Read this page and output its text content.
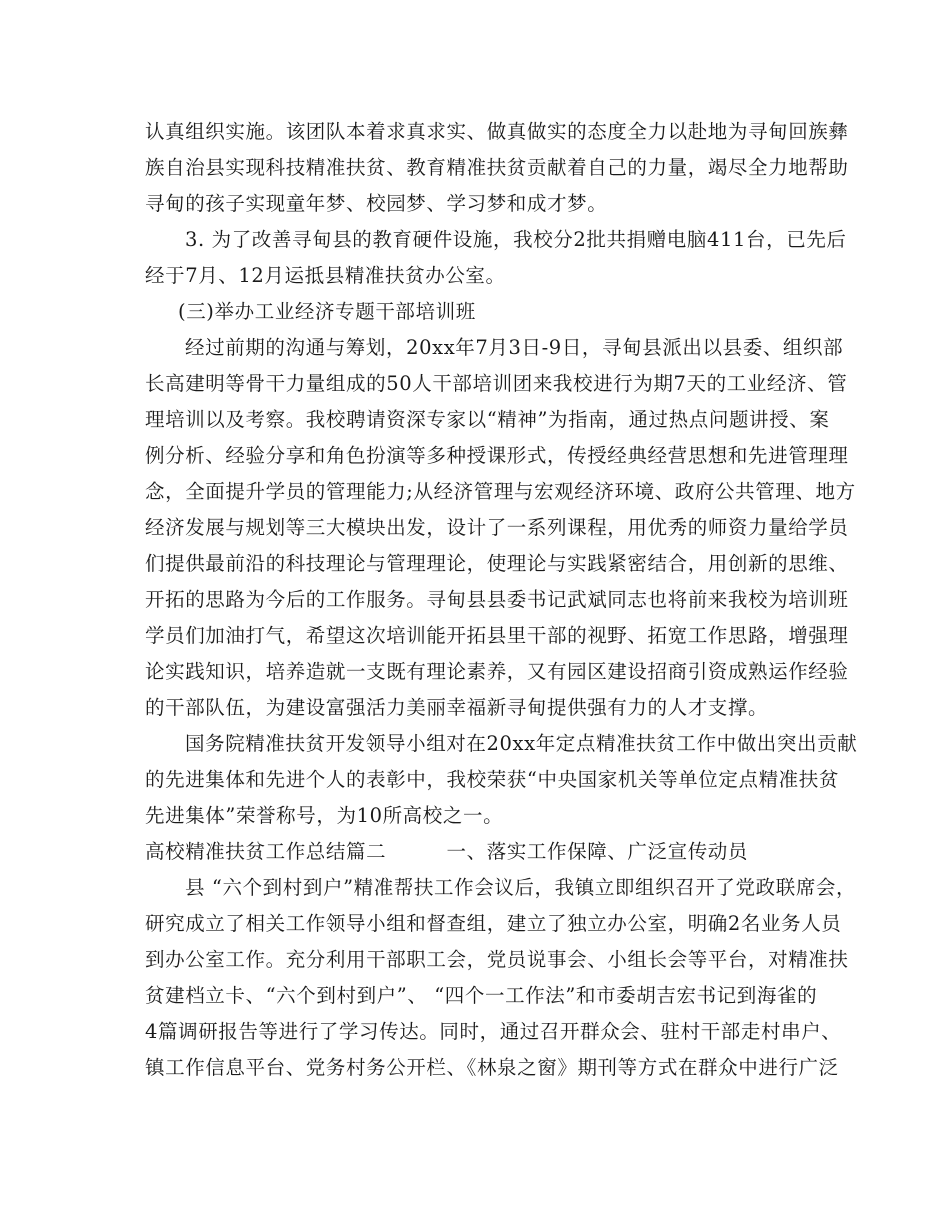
认真组织实施。该团队本着求真求实、做真做实的态度全力以赴地为寻甸回族彝
族自治县实现科技精准扶贫、教育精准扶贫贡献着自己的力量，竭尽全力地帮助
寻甸的孩子实现童年梦、校园梦、学习梦和成才梦。
3. 为了改善寻甸县的教育硬件设施，我校分2批共捐赠电脑411台，已先后
经于7月、12月运抵县精准扶贫办公室。
(三)举办工业经济专题干部培训班
经过前期的沟通与筹划，20xx年7月3日-9日，寻甸县派出以县委、组织部
长高建明等骨干力量组成的50人干部培训团来我校进行为期7天的工业经济、管
理培训以及考察。我校聘请资深专家以“精神”为指南，通过热点问题讲授、案
例分析、经验分享和角色扮演等多种授课形式，传授经典经营思想和先进管理理
念，全面提升学员的管理能力;从经济管理与宏观经济环境、政府公共管理、地方
经济发展与规划等三大模块出发，设计了一系列课程，用优秀的师资力量给学员
们提供最前沿的科技理论与管理理论，使理论与实践紧密结合，用创新的思维、
开拓的思路为今后的工作服务。寻甸县县委书记武斌同志也将前来我校为培训班
学员们加油打气，希望这次培训能开拓县里干部的视野、拓宽工作思路，增强理
论实践知识，培养造就一支既有理论素养，又有园区建设招商引资成熟运作经验
的干部队伍，为建设富强活力美丽幸福新寻甸提供强有力的人才支撑。
国务院精准扶贫开发领导小组对在20xx年定点精准扶贫工作中做出突出贡献
的先进集体和先进个人的表彰中，我校荣获“中央国家机关等单位定点精准扶贫
先进集体”荣誉称号，为10所高校之一。
高校精准扶贫工作总结篇二　　　一、落实工作保障、广泛宣传动员
县 “六个到村到户”精准帮扶工作会议后，我镇立即组织召开了党政联席会，
研究成立了相关工作领导小组和督查组，建立了独立办公室，明确2名业务人员
到办公室工作。充分利用干部职工会，党员说事会、小组长会等平台，对精准扶
贫建档立卡、“六个到村到户”、 “四个一工作法”和市委胡吉宏书记到海雀的
4篇调研报告等进行了学习传达。同时，通过召开群众会、驻村干部走村串户、
镇工作信息平台、党务村务公开栏、《林泉之窗》期刊等方式在群众中进行广泛
